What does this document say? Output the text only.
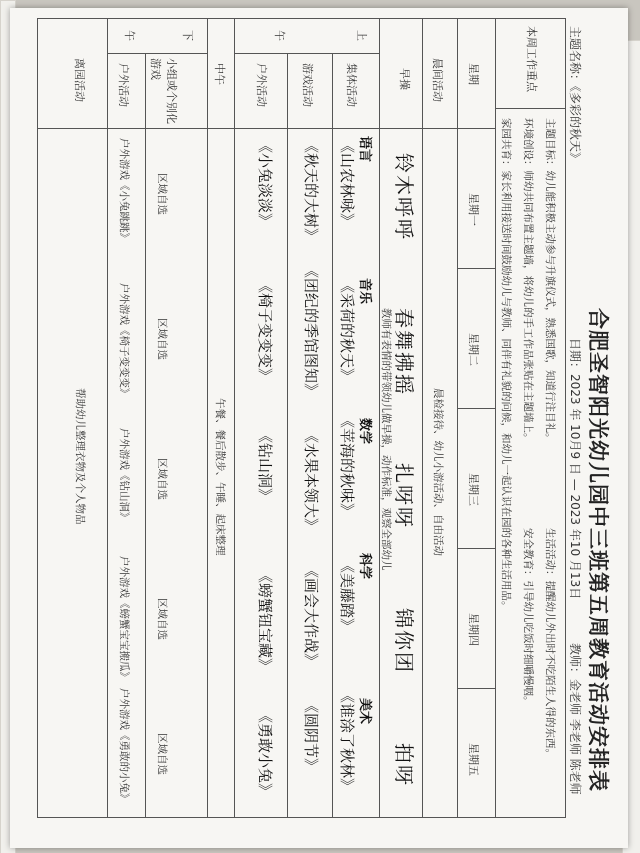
合肥圣智阳光幼儿园中三班第五周教育活动安排表
主题名称：《多彩的秋天》
日期：2023 年 10月9 日 — 2023 年10 月13日
教师：金老师 李老师 陈老师
本周工作重点
主题目标：幼儿能积极主动参与升旗仪式，熟悉国歌，知道行注目礼。
生活活动：提醒幼儿外出时不吃陌生人得的东西。
环境创设：师幼共同布置主题墙，将幼儿的手工作品张贴在主题墙上。
安全教育：引导幼儿吃饭时细嚼慢咽。
家园共育：家长利用接送时间鼓励幼儿与教师、同伴有礼貌的问候，和幼儿一起认识在园的各种生活用品。
星期
星期一
星期二
星期三
星期四
星期五
晨间活动
晨检接待、幼儿小游活动、自由活动
早操
铃木呼呼
春舞拂摇
扎呀呀
锦你团
拍呀
教师有表情的带领幼儿做早操，动作标准，观察全部幼儿
上
午
集体活动
语言
音乐
数学
科学
美术
《山农林咏》
《采荷的秋天》
《苹海的秋味》
《美藤踏》
《谁涂了秋林》
游戏活动
《秋天的大树》
《团纪的季馆图知》
《水果本领大》
《画会大作战》
《圆阴节》
户外活动
《小兔淡淡》
《椅子变变变》
《钻山洞》
《螃蟹钮宝藏》
《勇敢小兔》
中午
午餐、餐后散步、午睡、起床整理
下
午
小组或个别化游戏
区域自选
区域自选
区域自选
区域自选
区域自选
户外活动
户外游戏《小兔跳跳》
户外游戏《椅子变变变》
户外游戏《钻山洞》
户外游戏《螃蟹宝宝搬瓜》
户外游戏《勇敢的小兔》
离园活动
帮助幼儿整理衣物及个人物品
